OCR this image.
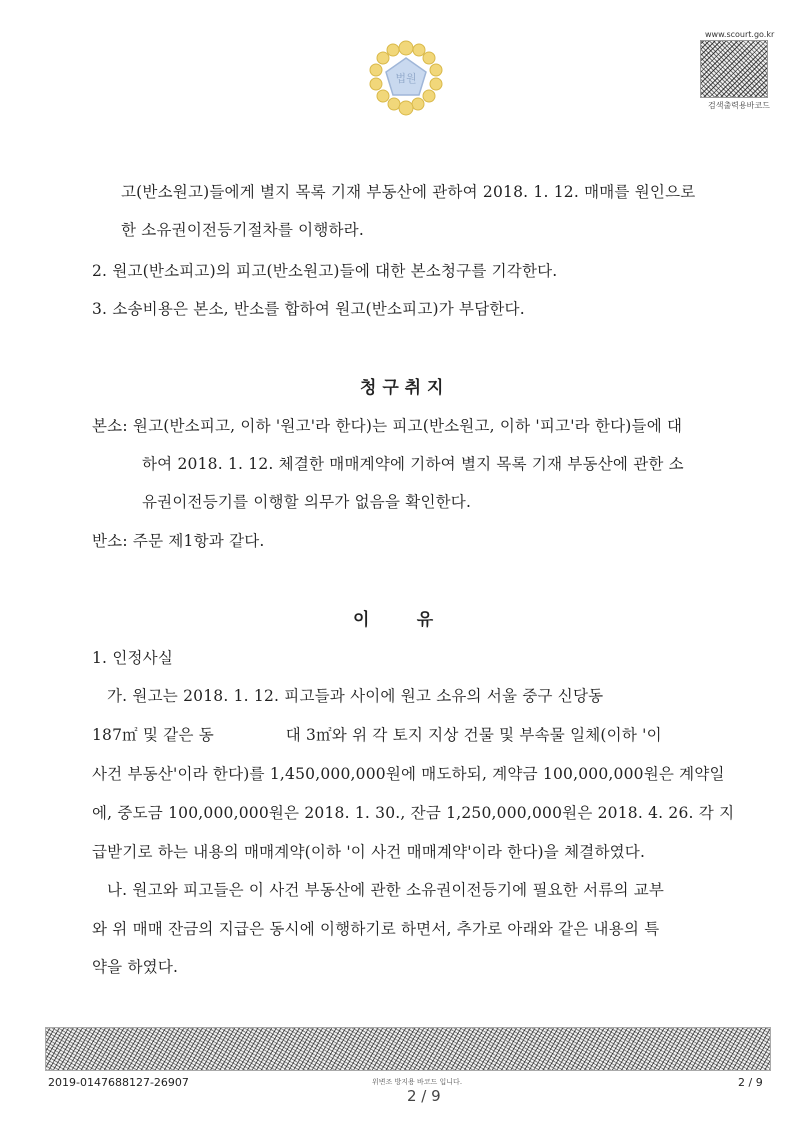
법원
www.scourt.go.kr
검색출력용바코드
고(반소원고)들에게 별지 목록 기재 부동산에 관하여 2018. 1. 12. 매매를 원인으로
한 소유권이전등기절차를 이행하라.
2. 원고(반소피고)의 피고(반소원고)들에 대한 본소청구를 기각한다.
3. 소송비용은 본소, 반소를 합하여 원고(반소피고)가 부담한다.
청 구 취 지
본소: 원고(반소피고, 이하 '원고'라 한다)는 피고(반소원고, 이하 '피고'라 한다)들에 대
하여 2018. 1. 12. 체결한 매매계약에 기하여 별지 목록 기재 부동산에 관한 소
유권이전등기를 이행할 의무가 없음을 확인한다.
반소: 주문 제1항과 같다.
이        유
1. 인정사실
가. 원고는 2018. 1. 12. 피고들과 사이에 원고 소유의 서울 중구 신당동
187㎡ 및 같은 동              대 3㎡와 위 각 토지 지상 건물 및 부속물 일체(이하 '이
사건 부동산'이라 한다)를 1,450,000,000원에 매도하되, 계약금 100,000,000원은 계약일
에, 중도금 100,000,000원은 2018. 1. 30., 잔금 1,250,000,000원은 2018. 4. 26. 각 지
급받기로 하는 내용의 매매계약(이하 '이 사건 매매계약'이라 한다)을 체결하였다.
나. 원고와 피고들은 이 사건 부동산에 관한 소유권이전등기에 필요한 서류의 교부
와 위 매매 잔금의 지급은 동시에 이행하기로 하면서, 추가로 아래와 같은 내용의 특
약을 하였다.
2019-0147688127-26907	위변조 방지용 바코드 입니다.
2 / 9
2 / 9
